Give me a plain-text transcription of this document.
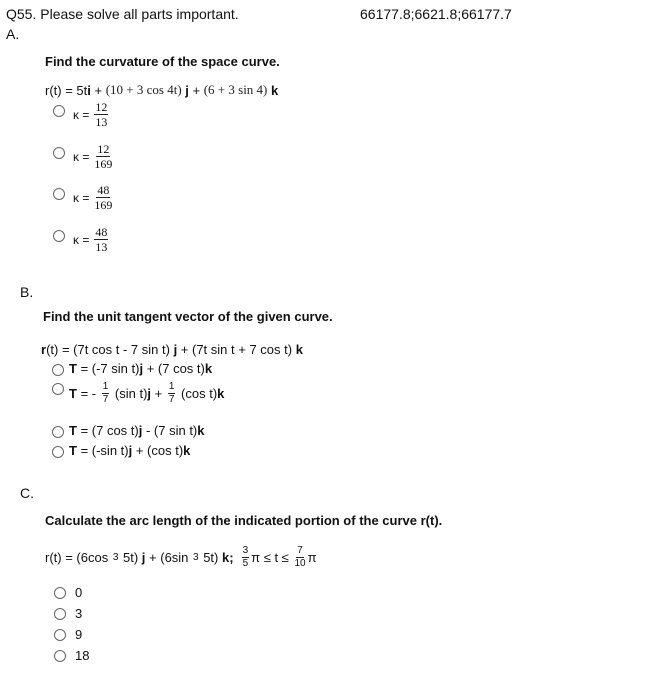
Q55. Please solve all parts important.	66177.8;6621.8;66177.7
A.
Find the curvature of the space curve.
r(t) = 5t i + (10 + 3 cos 4t) j + (6 + 3 sin 4) k
$\kappa = \frac{12}{13}$
$\kappa = \frac{12}{169}$
$\kappa = \frac{48}{169}$
$\kappa = \frac{48}{13}$
B.
Find the unit tangent vector of the given curve.
r (t) = (7t cos t - 7 sin t) j + (7t sin t + 7 cos t) k
T = (-7 sin t) j + (7 cos t) k
T = - $\frac{1}{7} (\sin$ t) $j + \frac{1}{7} (\cos$ t) k
T = (7 cos t) j - (7 sin t) k
T = (-sin t) j + (cos t) k
C.
Calculate the arc length of the indicated portion of the curve r(t).
r(t) = (6cos 3 5t) j + (6sin 3 5t) k; $\frac{3}{5}$ $\pi \le t \le \frac{7}{10}$ π
0
3
9
18
